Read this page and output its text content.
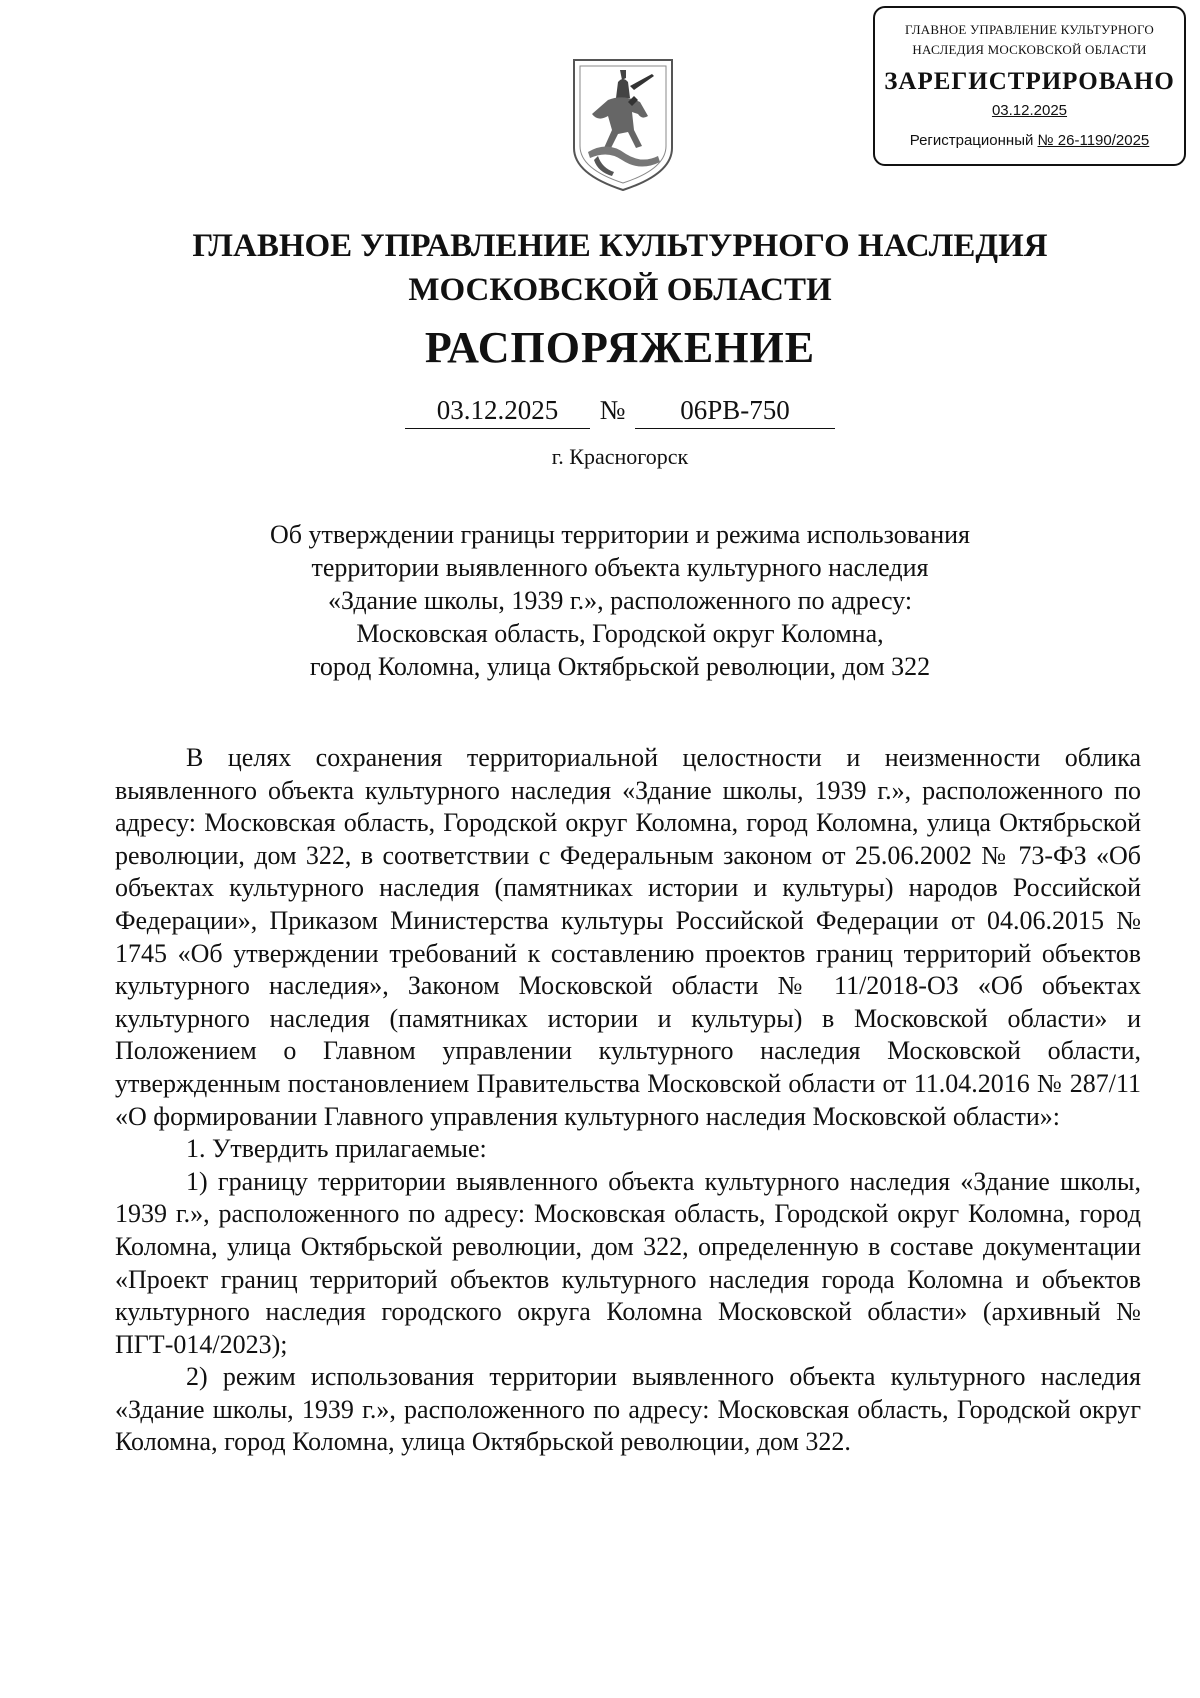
ГЛАВНОЕ УПРАВЛЕНИЕ КУЛЬТУРНОГО
НАСЛЕДИЯ МОСКОВСКОЙ ОБЛАСТИ
ЗАРЕГИСТРИРОВАНО
03.12.2025
Регистрационный № 26-1190/2025
ГЛАВНОЕ УПРАВЛЕНИЕ КУЛЬТУРНОГО НАСЛЕДИЯ
МОСКОВСКОЙ ОБЛАСТИ
РАСПОРЯЖЕНИЕ
03.12.2025 № 06РВ-750
г. Красногорск
Об утверждении границы территории и режима использования
территории выявленного объекта культурного наследия
«Здание школы, 1939 г.», расположенного по адресу:
Московская область, Городской округ Коломна,
город Коломна, улица Октябрьской революции, дом 322

В целях сохранения территориальной целостности и неизменности облика выявленного объекта культурного наследия «Здание школы, 1939 г.», расположенного по адресу: Московская область, Городской округ Коломна, город Коломна, улица Октябрьской революции, дом 322, в соответствии с Федеральным законом от 25.06.2002 № 73-ФЗ «Об объектах культурного наследия (памятниках истории и культуры) народов Российской Федерации», Приказом Министерства культуры Российской Федерации от 04.06.2015 № 1745 «Об утверждении требований к составлению проектов границ территорий объектов культурного наследия», Законом Московской области № 11/2018-ОЗ «Об объектах культурного наследия (памятниках истории и культуры) в Московской области» и Положением о Главном управлении культурного наследия Московской области, утвержденным постановлением Правительства Московской области от 11.04.2016 № 287/11 «О формировании Главного управления культурного наследия Московской области»:

1. Утвердить прилагаемые:

1) границу территории выявленного объекта культурного наследия «Здание школы, 1939 г.», расположенного по адресу: Московская область, Городской округ Коломна, город Коломна, улица Октябрьской революции, дом 322, определенную в составе документации «Проект границ территорий объектов культурного наследия города Коломна и объектов культурного наследия городского округа Коломна Московской области» (архивный № ПГТ-014/2023);

2) режим использования территории выявленного объекта культурного наследия «Здание школы, 1939 г.», расположенного по адресу: Московская область, Городской округ Коломна, город Коломна, улица Октябрьской революции, дом 322.
